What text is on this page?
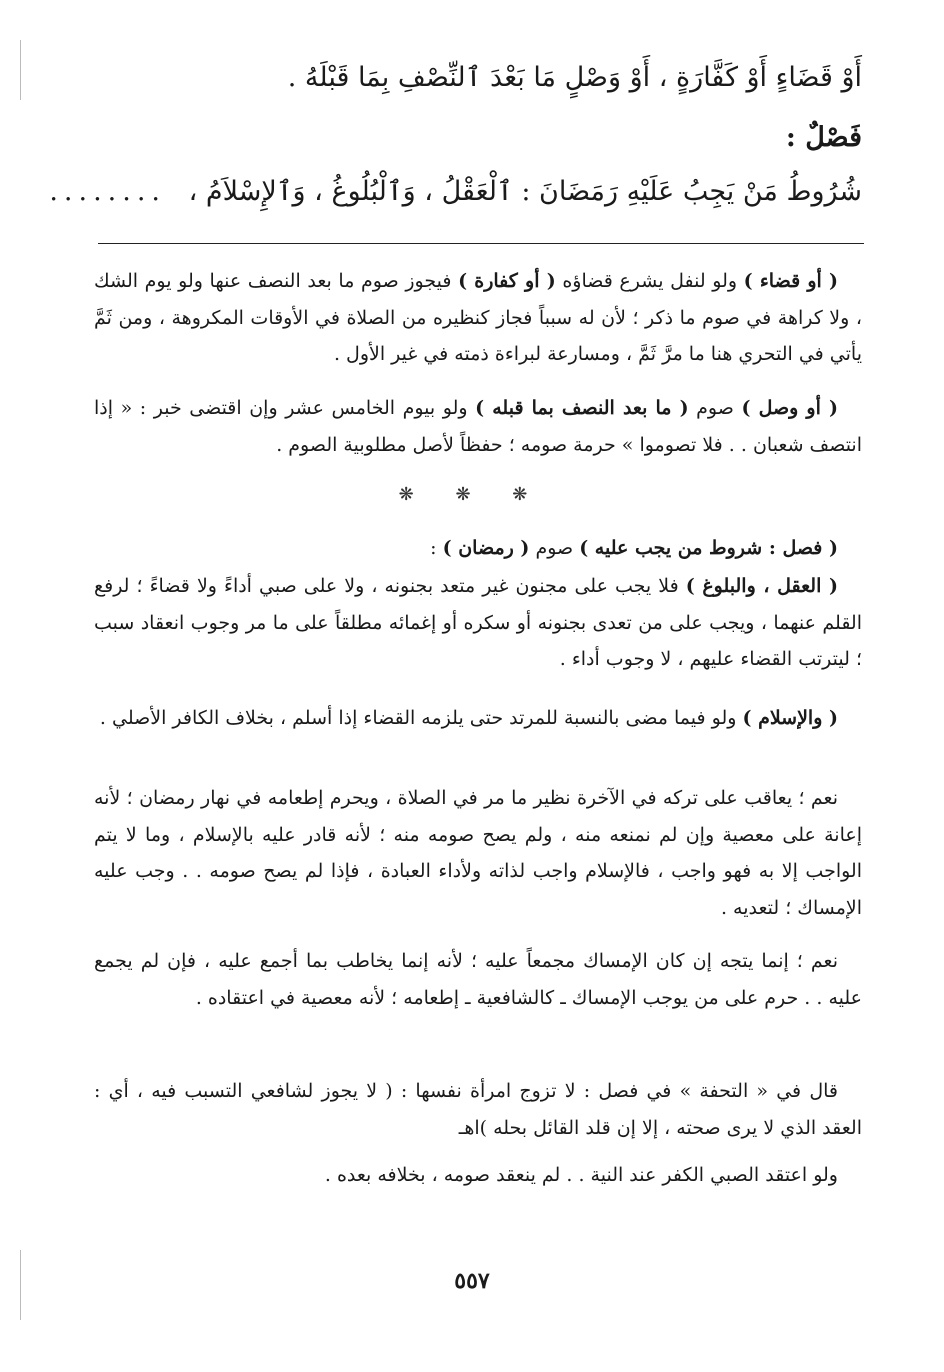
أَوْ قَضَاءٍ أَوْ كَفَّارَةٍ ، أَوْ وَصْلٍ مَا بَعْدَ ٱلنِّصْفِ بِمَا قَبْلَهُ .
فَصْلٌ :
شُرُوطُ مَنْ يَجِبُ عَلَيْهِ رَمَضَانَ : ٱلْعَقْلُ ، وَٱلْبُلُوغُ ، وَٱلإِسْلاَمُ ، ........

( أو قضاء ) ولو لنفل يشرع قضاؤه ( أو كفارة ) فيجوز صوم ما بعد النصف عنها ولو يوم الشك ، ولا كراهة في صوم ما ذكر ؛ لأن له سبباً فجاز كنظيره من الصلاة في الأوقات المكروهة ، ومن ثَمَّ يأتي في التحري هنا ما مرَّ ثَمَّ ، ومسارعة لبراءة ذمته في غير الأول .

( أو وصل ) صوم ( ما بعد النصف بما قبله ) ولو بيوم الخامس عشر وإن اقتضى خبر : « إذا انتصف شعبان . . فلا تصوموا » حرمة صومه ؛ حفظاً لأصل مطلوبية الصوم .

❋ ❋ ❋

( فصل : شروط من يجب عليه ) صوم ( رمضان ) :

( العقل ، والبلوغ ) فلا يجب على مجنون غير متعد بجنونه ، ولا على صبي أداءً ولا قضاءً ؛ لرفع القلم عنهما ، ويجب على من تعدى بجنونه أو سكره أو إغمائه مطلقاً على ما مر وجوب انعقاد سبب ؛ ليترتب القضاء عليهم ، لا وجوب أداء .

( والإسلام ) ولو فيما مضى بالنسبة للمرتد حتى يلزمه القضاء إذا أسلم ، بخلاف الكافر الأصلي .

نعم ؛ يعاقب على تركه في الآخرة نظير ما مر في الصلاة ، ويحرم إطعامه في نهار رمضان ؛ لأنه إعانة على معصية وإن لم نمنعه منه ، ولم يصح صومه منه ؛ لأنه قادر عليه بالإسلام ، وما لا يتم الواجب إلا به فهو واجب ، فالإسلام واجب لذاته ولأداء العبادة ، فإذا لم يصح صومه . . وجب عليه الإمساك ؛ لتعديه .

نعم ؛ إنما يتجه إن كان الإمساك مجمعاً عليه ؛ لأنه إنما يخاطب بما أجمع عليه ، فإن لم يجمع عليه . . حرم على من يوجب الإمساك ـ كالشافعية ـ إطعامه ؛ لأنه معصية في اعتقاده .

قال في « التحفة » في فصل : لا تزوج امرأة نفسها : ( لا يجوز لشافعي التسبب فيه ، أي : العقد الذي لا يرى صحته ، إلا إن قلد القائل بحله )اهـ

ولو اعتقد الصبي الكفر عند النية . . لم ينعقد صومه ، بخلافه بعده .

٥٥٧
